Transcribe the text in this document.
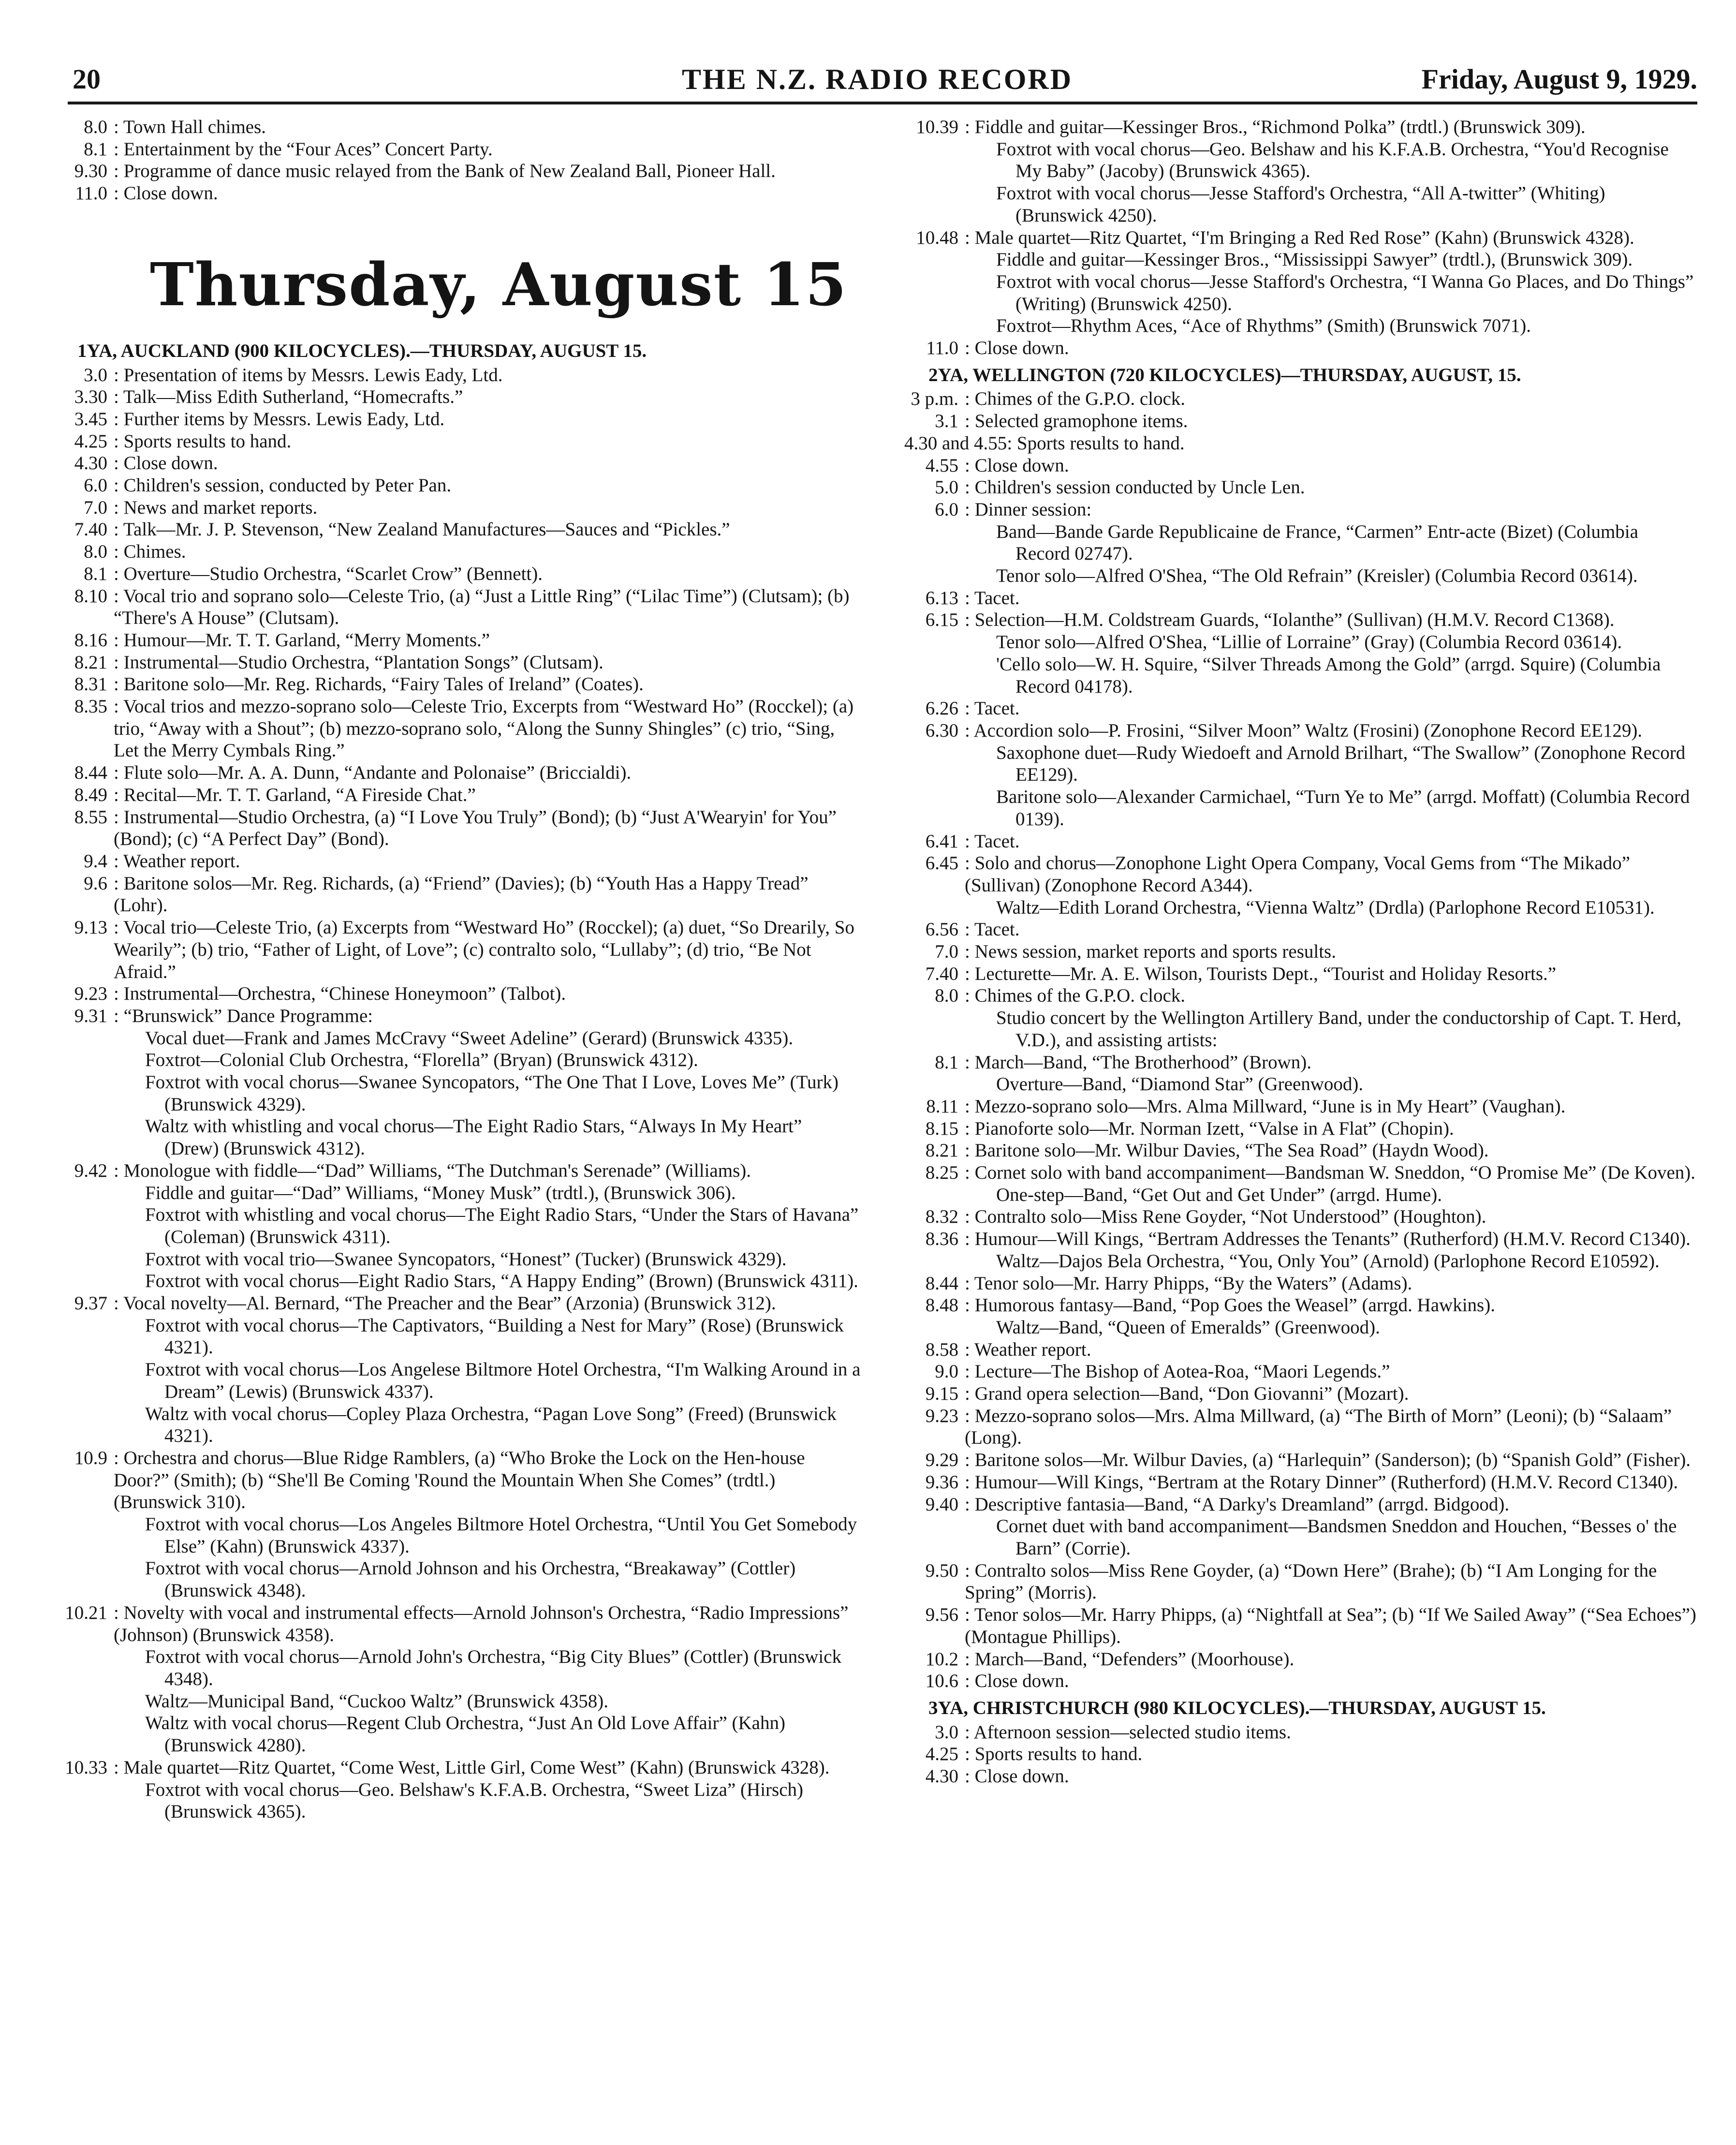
20	THE N.Z. RADIO RECORD	Friday, August 9, 1929.
8.0 : Town Hall chimes.
8.1 : Entertainment by the “Four Aces” Concert Party.
9.30 : Programme of dance music relayed from the Bank of New Zealand Ball, Pioneer Hall.
11.0 : Close down.
Thursday, August 15
1YA, AUCKLAND (900 KILOCYCLES).—THURSDAY, AUGUST 15.
3.0 : Presentation of items by Messrs. Lewis Eady, Ltd.
3.30 : Talk—Miss Edith Sutherland, “Homecrafts.”
3.45 : Further items by Messrs. Lewis Eady, Ltd.
4.25 : Sports results to hand.
4.30 : Close down.
6.0 : Children's session, conducted by Peter Pan.
7.0 : News and market reports.
7.40 : Talk—Mr. J. P. Stevenson, “New Zealand Manufactures—Sauces and “Pickles.”
8.0 : Chimes.
8.1 : Overture—Studio Orchestra, “Scarlet Crow” (Bennett).
8.10 : Vocal trio and soprano solo—Celeste Trio, (a) “Just a Little Ring” (“Lilac Time”) (Clutsam); (b) “There's A House” (Clutsam).
8.16 : Humour—Mr. T. T. Garland, “Merry Moments.”
8.21 : Instrumental—Studio Orchestra, “Plantation Songs” (Clutsam).
8.31 : Baritone solo—Mr. Reg. Richards, “Fairy Tales of Ireland” (Coates).
8.35 : Vocal trios and mezzo-soprano solo—Celeste Trio, Excerpts from “Westward Ho” (Rocckel); (a) trio, “Away with a Shout”; (b) mezzo-soprano solo, “Along the Sunny Shingles” (c) trio, “Sing, Let the Merry Cymbals Ring.”
8.44 : Flute solo—Mr. A. A. Dunn, “Andante and Polonaise” (Briccialdi).
8.49 : Recital—Mr. T. T. Garland, “A Fireside Chat.”
8.55 : Instrumental—Studio Orchestra, (a) “I Love You Truly” (Bond); (b) “Just A'Wearyin' for You” (Bond); (c) “A Perfect Day” (Bond).
9.4 : Weather report.
9.6 : Baritone solos—Mr. Reg. Richards, (a) “Friend” (Davies); (b) “Youth Has a Happy Tread” (Lohr).
9.13 : Vocal trio—Celeste Trio, (a) Excerpts from “Westward Ho” (Rocckel); (a) duet, “So Drearily, So Wearily”; (b) trio, “Father of Light, of Love”; (c) contralto solo, “Lullaby”; (d) trio, “Be Not Afraid.”
9.23 : Instrumental—Orchestra, “Chinese Honeymoon” (Talbot).
9.31 : “Brunswick” Dance Programme:
Vocal duet—Frank and James McCravy “Sweet Adeline” (Gerard) (Brunswick 4335).
Foxtrot—Colonial Club Orchestra, “Florella” (Bryan) (Brunswick 4312).
Foxtrot with vocal chorus—Swanee Syncopators, “The One That I Love, Loves Me” (Turk) (Brunswick 4329).
Waltz with whistling and vocal chorus—The Eight Radio Stars, “Always In My Heart” (Drew) (Brunswick 4312).
9.42 : Monologue with fiddle—“Dad” Williams, “The Dutchman's Serenade” (Williams).
Fiddle and guitar—“Dad” Williams, “Money Musk” (trdtl.), (Brunswick 306).
Foxtrot with whistling and vocal chorus—The Eight Radio Stars, “Under the Stars of Havana” (Coleman) (Brunswick 4311).
Foxtrot with vocal trio—Swanee Syncopators, “Honest” (Tucker) (Brunswick 4329).
Foxtrot with vocal chorus—Eight Radio Stars, “A Happy Ending” (Brown) (Brunswick 4311).
9.37 : Vocal novelty—Al. Bernard, “The Preacher and the Bear” (Arzonia) (Brunswick 312).
Foxtrot with vocal chorus—The Captivators, “Building a Nest for Mary” (Rose) (Brunswick 4321).
Foxtrot with vocal chorus—Los Angelese Biltmore Hotel Orchestra, “I'm Walking Around in a Dream” (Lewis) (Brunswick 4337).
Waltz with vocal chorus—Copley Plaza Orchestra, “Pagan Love Song” (Freed) (Brunswick 4321).
10.9 : Orchestra and chorus—Blue Ridge Ramblers, (a) “Who Broke the Lock on the Hen-house Door?” (Smith); (b) “She'll Be Coming 'Round the Mountain When She Comes” (trdtl.) (Brunswick 310).
Foxtrot with vocal chorus—Los Angeles Biltmore Hotel Orchestra, “Until You Get Somebody Else” (Kahn) (Brunswick 4337).
Foxtrot with vocal chorus—Arnold Johnson and his Orchestra, “Breakaway” (Cottler) (Brunswick 4348).
10.21 : Novelty with vocal and instrumental effects—Arnold Johnson's Orchestra, “Radio Impressions” (Johnson) (Brunswick 4358).
Foxtrot with vocal chorus—Arnold John's Orchestra, “Big City Blues” (Cottler) (Brunswick 4348).
Waltz—Municipal Band, “Cuckoo Waltz” (Brunswick 4358).
Waltz with vocal chorus—Regent Club Orchestra, “Just An Old Love Affair” (Kahn) (Brunswick 4280).
10.33 : Male quartet—Ritz Quartet, “Come West, Little Girl, Come West” (Kahn) (Brunswick 4328).
Foxtrot with vocal chorus—Geo. Belshaw's K.F.A.B. Orchestra, “Sweet Liza” (Hirsch) (Brunswick 4365).
10.39 : Fiddle and guitar—Kessinger Bros., “Richmond Polka” (trdtl.) (Brunswick 309).
Foxtrot with vocal chorus—Geo. Belshaw and his K.F.A.B. Orchestra, “You'd Recognise My Baby” (Jacoby) (Brunswick 4365).
Foxtrot with vocal chorus—Jesse Stafford's Orchestra, “All A-twitter” (Whiting) (Brunswick 4250).
10.48 : Male quartet—Ritz Quartet, “I'm Bringing a Red Red Rose” (Kahn) (Brunswick 4328).
Fiddle and guitar—Kessinger Bros., “Mississippi Sawyer” (trdtl.), (Brunswick 309).
Foxtrot with vocal chorus—Jesse Stafford's Orchestra, “I Wanna Go Places, and Do Things” (Writing) (Brunswick 4250).
Foxtrot—Rhythm Aces, “Ace of Rhythms” (Smith) (Brunswick 7071).
11.0 : Close down.
2YA, WELLINGTON (720 KILOCYCLES)—THURSDAY, AUGUST, 15.
3 p.m. : Chimes of the G.P.O. clock.
3.1 : Selected gramophone items.
4.30 and 4.55: Sports results to hand.
4.55 : Close down.
5.0 : Children's session conducted by Uncle Len.
6.0 : Dinner session:
Band—Bande Garde Republicaine de France, “Carmen” Entr-acte (Bizet) (Columbia Record 02747).
Tenor solo—Alfred O'Shea, “The Old Refrain” (Kreisler) (Columbia Record 03614).
6.13 : Tacet.
6.15 : Selection—H.M. Coldstream Guards, “Iolanthe” (Sullivan) (H.M.V. Record C1368).
Tenor solo—Alfred O'Shea, “Lillie of Lorraine” (Gray) (Columbia Record 03614).
'Cello solo—W. H. Squire, “Silver Threads Among the Gold” (arrgd. Squire) (Columbia Record 04178).
6.26 : Tacet.
6.30 : Accordion solo—P. Frosini, “Silver Moon” Waltz (Frosini) (Zonophone Record EE129).
Saxophone duet—Rudy Wiedoeft and Arnold Brilhart, “The Swallow” (Zonophone Record EE129).
Baritone solo—Alexander Carmichael, “Turn Ye to Me” (arrgd. Moffatt) (Columbia Record 0139).
6.41 : Tacet.
6.45 : Solo and chorus—Zonophone Light Opera Company, Vocal Gems from “The Mikado” (Sullivan) (Zonophone Record A344).
Waltz—Edith Lorand Orchestra, “Vienna Waltz” (Drdla) (Parlophone Record E10531).
6.56 : Tacet.
7.0 : News session, market reports and sports results.
7.40 : Lecturette—Mr. A. E. Wilson, Tourists Dept., “Tourist and Holiday Resorts.”
8.0 : Chimes of the G.P.O. clock.
Studio concert by the Wellington Artillery Band, under the conductorship of Capt. T. Herd, V.D.), and assisting artists:
8.1 : March—Band, “The Brotherhood” (Brown).
Overture—Band, “Diamond Star” (Greenwood).
8.11 : Mezzo-soprano solo—Mrs. Alma Millward, “June is in My Heart” (Vaughan).
8.15 : Pianoforte solo—Mr. Norman Izett, “Valse in A Flat” (Chopin).
8.21 : Baritone solo—Mr. Wilbur Davies, “The Sea Road” (Haydn Wood).
8.25 : Cornet solo with band accompaniment—Bandsman W. Sneddon, “O Promise Me” (De Koven).
One-step—Band, “Get Out and Get Under” (arrgd. Hume).
8.32 : Contralto solo—Miss Rene Goyder, “Not Understood” (Houghton).
8.36 : Humour—Will Kings, “Bertram Addresses the Tenants” (Rutherford) (H.M.V. Record C1340).
Waltz—Dajos Bela Orchestra, “You, Only You” (Arnold) (Parlophone Record E10592).
8.44 : Tenor solo—Mr. Harry Phipps, “By the Waters” (Adams).
8.48 : Humorous fantasy—Band, “Pop Goes the Weasel” (arrgd. Hawkins).
Waltz—Band, “Queen of Emeralds” (Greenwood).
8.58 : Weather report.
9.0 : Lecture—The Bishop of Aotea-Roa, “Maori Legends.”
9.15 : Grand opera selection—Band, “Don Giovanni” (Mozart).
9.23 : Mezzo-soprano solos—Mrs. Alma Millward, (a) “The Birth of Morn” (Leoni); (b) “Salaam” (Long).
9.29 : Baritone solos—Mr. Wilbur Davies, (a) “Harlequin” (Sanderson); (b) “Spanish Gold” (Fisher).
9.36 : Humour—Will Kings, “Bertram at the Rotary Dinner” (Rutherford) (H.M.V. Record C1340).
9.40 : Descriptive fantasia—Band, “A Darky's Dreamland” (arrgd. Bidgood).
Cornet duet with band accompaniment—Bandsmen Sneddon and Houchen, “Besses o' the Barn” (Corrie).
9.50 : Contralto solos—Miss Rene Goyder, (a) “Down Here” (Brahe); (b) “I Am Longing for the Spring” (Morris).
9.56 : Tenor solos—Mr. Harry Phipps, (a) “Nightfall at Sea”; (b) “If We Sailed Away” (“Sea Echoes”) (Montague Phillips).
10.2 : March—Band, “Defenders” (Moorhouse).
10.6 : Close down.
3YA, CHRISTCHURCH (980 KILOCYCLES).—THURSDAY, AUGUST 15.
3.0 : Afternoon session—selected studio items.
4.25 : Sports results to hand.
4.30 : Close down.
